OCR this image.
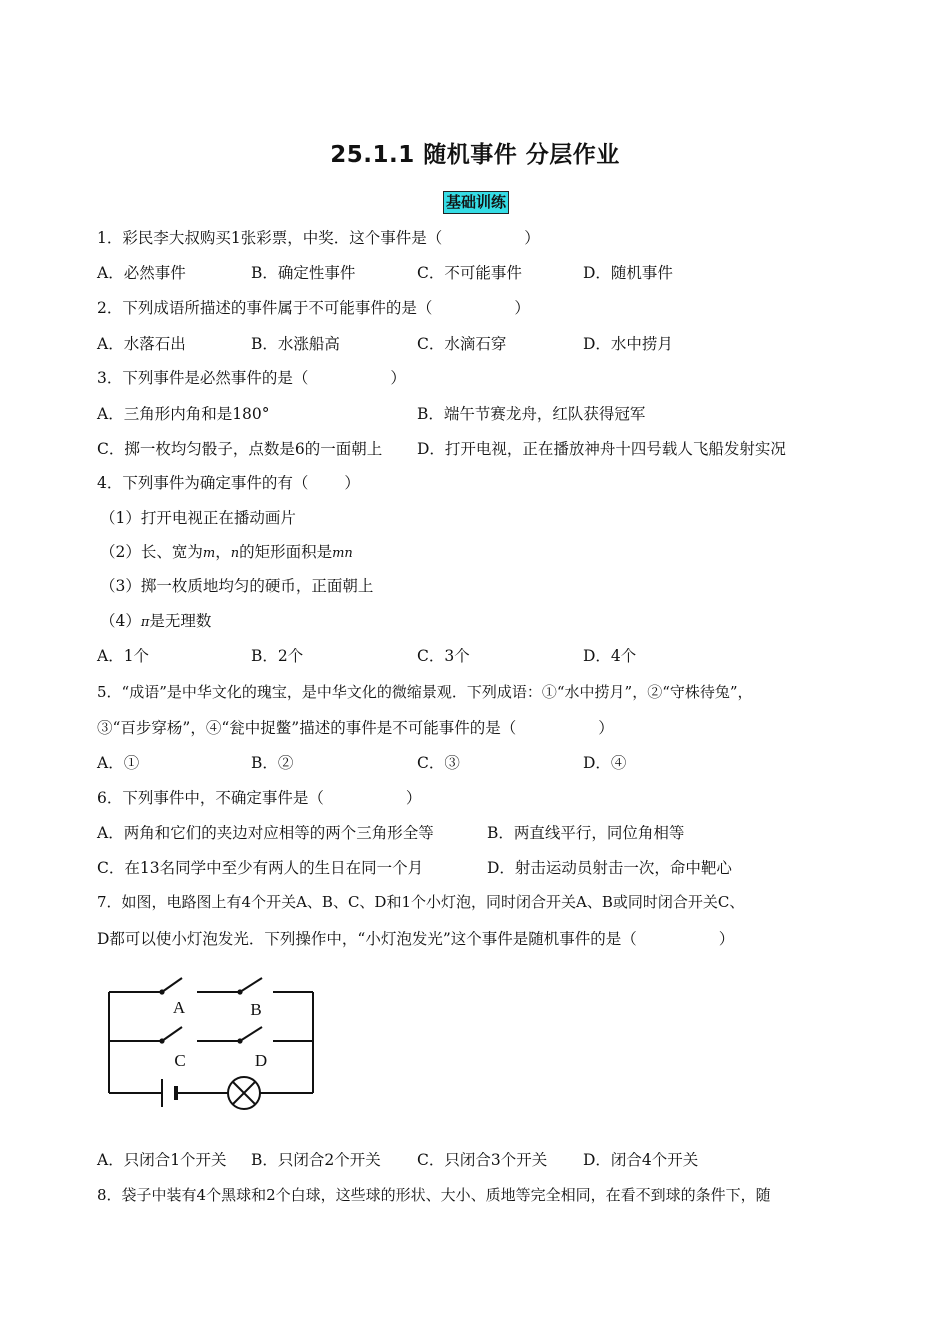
25.1.1 随机事件 分层作业
基础训练
1．彩民李大叔购买1张彩票，中奖．这个事件是（	）
A．必然事件	B．确定性事件	C．不可能事件	D．随机事件
2．下列成语所描述的事件属于不可能事件的是（	）
A．水落石出	B．水涨船高	C．水滴石穿	D．水中捞月
3．下列事件是必然事件的是（	）
A．三角形内角和是180°	B．端午节赛龙舟，红队获得冠军
C．掷一枚均匀骰子，点数是6的一面朝上 D．打开电视，正在播放神舟十四号载人飞船发射实况
4．下列事件为确定事件的有（ ）
（1）打开电视正在播动画片
（2）长、宽为m，n的矩形面积是mn
（3）掷一枚质地均匀的硬币，正面朝上
（4）π是无理数
A．1个	B．2个	C．3个	D．4个
5．“成语”是中华文化的瑰宝，是中华文化的微缩景观．下列成语：①“水中捞月”，②“守株待兔”，
③“百步穿杨”，④“瓮中捉鳖”描述的事件是不可能事件的是（	）
A．①	B．②	C．③	D．④
6．下列事件中，不确定事件是（	）
A．两角和它们的夹边对应相等的两个三角形全等	B．两直线平行，同位角相等
C．在13名同学中至少有两人的生日在同一个月	D．射击运动员射击一次，命中靶心
7．如图，电路图上有4个开关A、B、C、D和1个小灯泡，同时闭合开关A、B或同时闭合开关C、
D都可以使小灯泡发光．下列操作中，“小灯泡发光”这个事件是随机事件的是（	）
A	B
C	D
A．只闭合1个开关 B．只闭合2个开关 C．只闭合3个开关 D．闭合4个开关
8．袋子中装有4个黑球和2个白球，这些球的形状、大小、质地等完全相同，在看不到球的条件下，随
